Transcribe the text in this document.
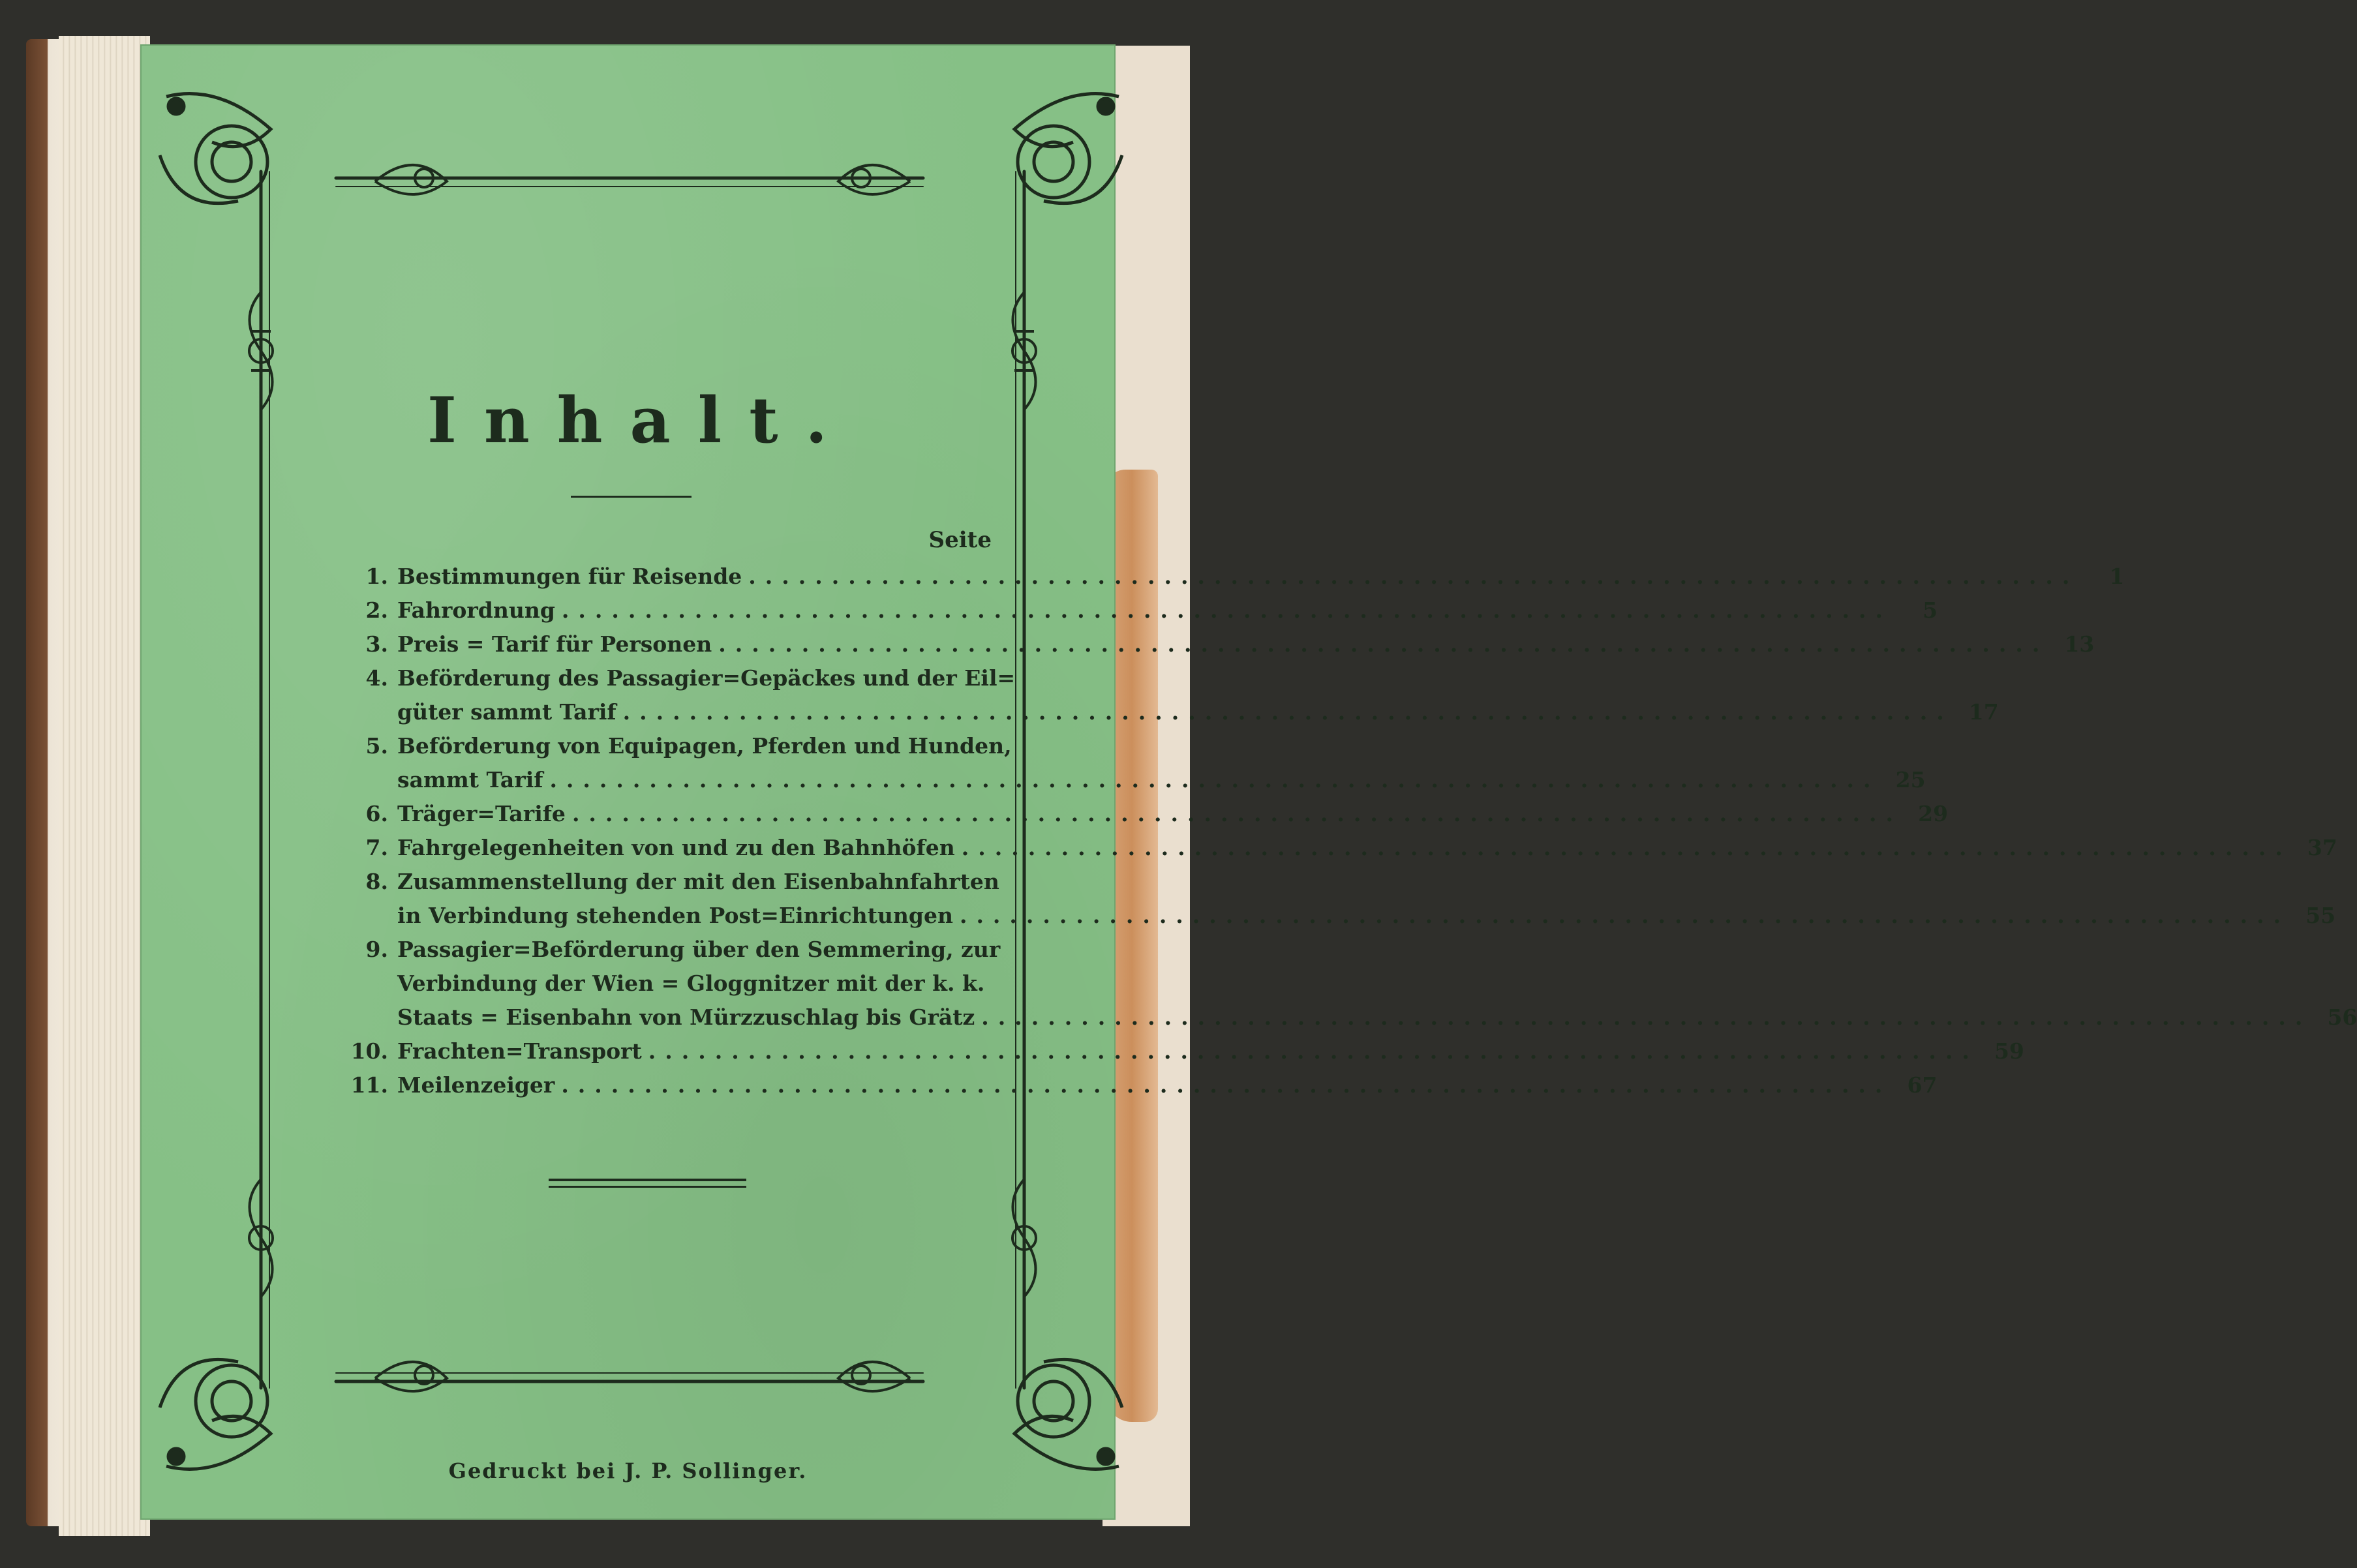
Inhalt.
Seite
1. Bestimmungen für Reisende ................................................................................	1
2. Fahrordnung ................................................................................	5
3. Preis = Tarif für Personen ................................................................................ 13
4. Beförderung des Passagier=Gepäckes und der Eil=
güter sammt Tarif ................................................................................ 17
5. Beförderung von Equipagen, Pferden und Hunden,
sammt Tarif ................................................................................ 25
6. Träger=Tarife ................................................................................ 29
7. Fahrgelegenheiten von und zu den Bahnhöfen ................................................................................ 37
8. Zusammenstellung der mit den Eisenbahnfahrten
in Verbindung stehenden Post=Einrichtungen ................................................................................ 55
9. Passagier=Beförderung über den Semmering, zur
Verbindung der Wien = Gloggnitzer mit der k. k.
Staats = Eisenbahn von Mürzzuschlag bis Grätz ................................................................................ 56
10. Frachten=Transport ................................................................................ 59
11. Meilenzeiger ................................................................................ 67
Gedruckt bei J. P. Sollinger.
